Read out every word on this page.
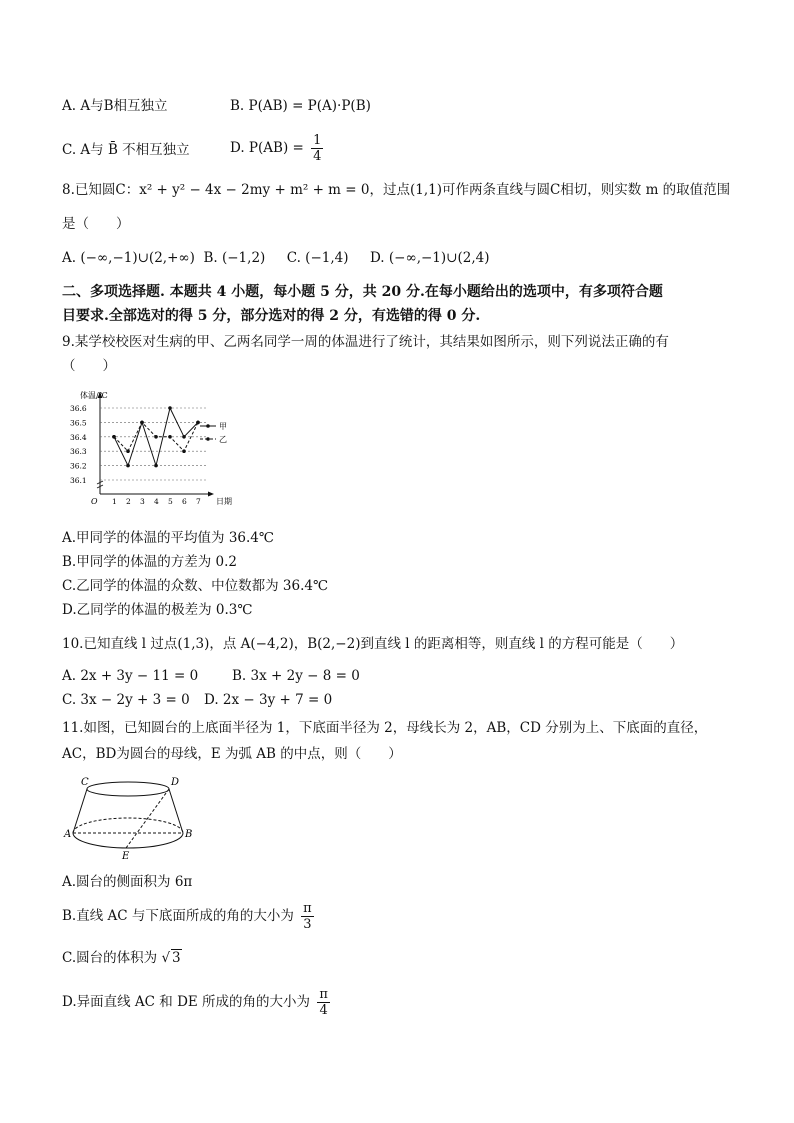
A. A与B相互独立	B. P(AB) = P(A)·P(B)
C. A与 B̄ 不相互独立	D. $P(AB) = \frac{1}{4}$
8.已知圆C：x² + y² − 4x − 2my + m² + m = 0，过点(1,1)可作两条直线与圆C相切，则实数 m 的取值范围
是（　　）
A. (−∞,−1)∪(2,+∞)  B. (−1,2)     C. (−1,4)     D. (−∞,−1)∪(2,4)
二、多项选择题. 本题共 4 小题，每小题 5 分，共 20 分.在每小题给出的选项中，有多项符合题
目要求.全部选对的得 5 分，部分选对的得 2 分，有选错的得 0 分.
9.某学校校医对生病的甲、乙两名同学一周的体温进行了统计，其结果如图所示，则下列说法正确的有
（　　）
体温/℃
日期
O
36.1
36.2
36.3
36.4
36.5
36.6
1 2 3 4 5 6 7
甲
乙
A.甲同学的体温的平均值为 36.4℃
B.甲同学的体温的方差为 0.2
C.乙同学的体温的众数、中位数都为 36.4℃
D.乙同学的体温的极差为 0.3℃
10.已知直线 l 过点(1,3)，点 A(−4,2)，B(2,−2)到直线 l 的距离相等，则直线 l 的方程可能是（　　）
A. 2x + 3y − 11 = 0	B. 3x + 2y − 8 = 0
C. 3x − 2y + 3 = 0 D. 2x − 3y + 7 = 0
11.如图，已知圆台的上底面半径为 1，下底面半径为 2，母线长为 2，AB，CD 分别为上、下底面的直径，
AC，BD为圆台的母线，E 为弧 AB 的中点，则（　　）
C	D
A	B
E
A.圆台的侧面积为 6π
B.直线 AC 与下底面所成的角的大小为 $\frac{\pi}{3}$
C.圆台的体积为 √ 3
D.异面直线 AC 和 DE 所成的角的大小为 $\frac{\pi}{4}$
